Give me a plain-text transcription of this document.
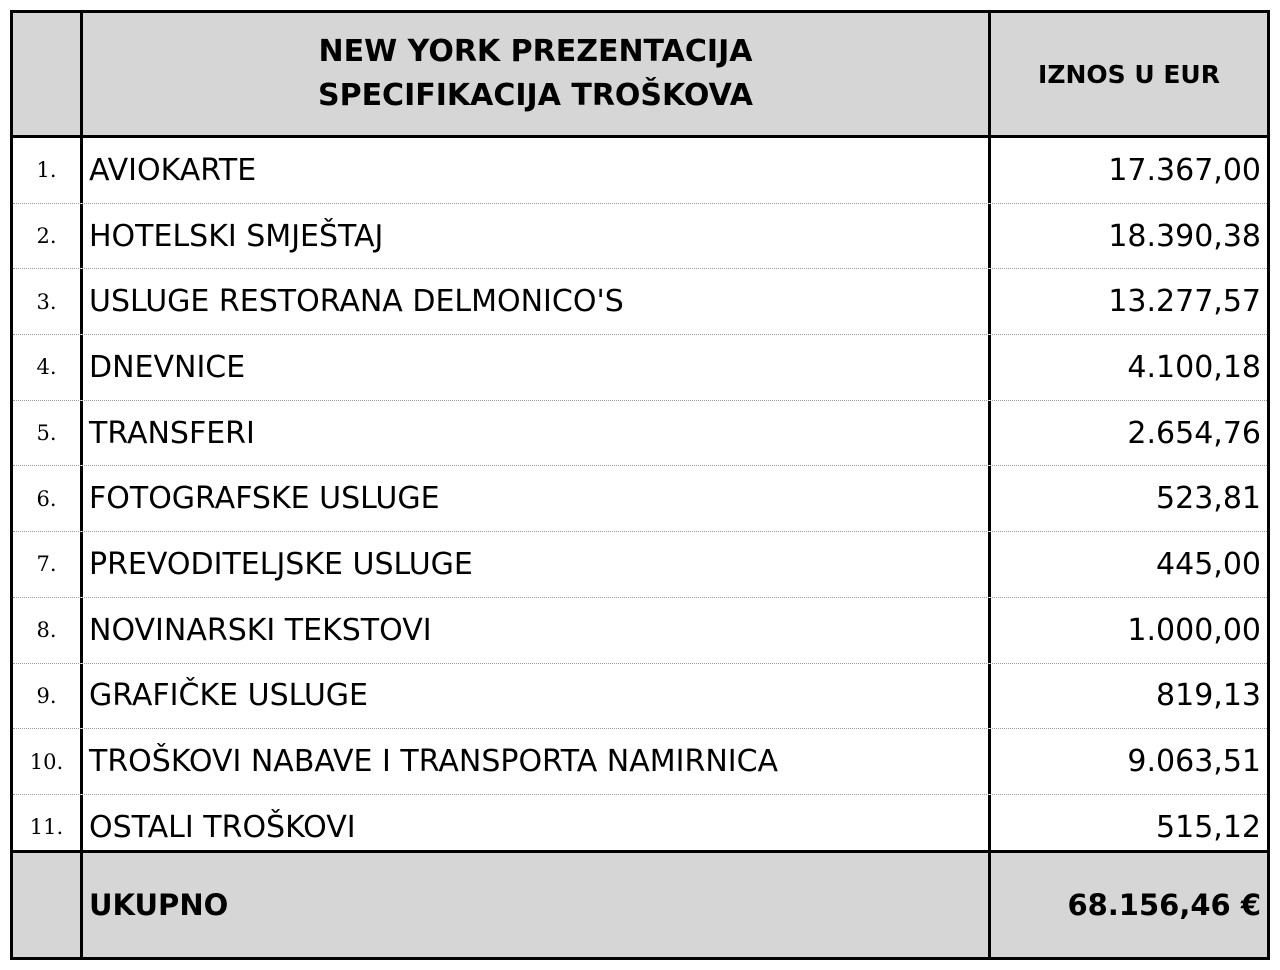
NEW YORK PREZENTACIJA
SPECIFIKACIJA TROŠKOVA
IZNOS U EUR
1.	AVIOKARTE	17.367,00
2.	HOTELSKI SMJEŠTAJ	18.390,38
3.	USLUGE RESTORANA DELMONICO'S	13.277,57
4.	DNEVNICE	4.100,18
5.	TRANSFERI	2.654,76
6.	FOTOGRAFSKE USLUGE	523,81
7.	PREVODITELJSKE USLUGE	445,00
8.	NOVINARSKI TEKSTOVI	1.000,00
9.	GRAFIČKE USLUGE	819,13
10. TROŠKOVI NABAVE I TRANSPORTA NAMIRNICA	9.063,51
11. OSTALI TROŠKOVI	515,12
UKUPNO	68.156,46 €
